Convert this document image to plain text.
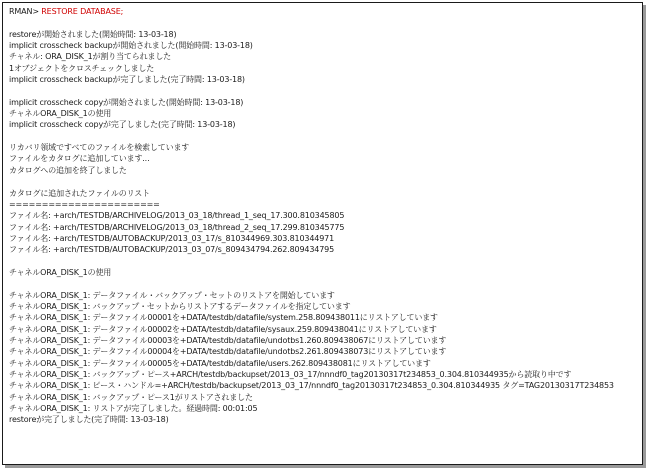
RMAN> RESTORE DATABASE;
restoreが開始されました(開始時間: 13-03-18)
implicit crosscheck backupが開始されました(開始時間: 13-03-18)
チャネル: ORA_DISK_1が割り当てられました
1オブジェクトをクロスチェックしました
implicit crosscheck backupが完了しました(完了時間: 13-03-18)
implicit crosscheck copyが開始されました(開始時間: 13-03-18)
チャネルORA_DISK_1の使用
implicit crosscheck copyが完了しました(完了時間: 13-03-18)
リカバリ領域ですべてのファイルを検索しています
ファイルをカタログに追加しています...
カタログへの追加を終了しました
カタログに追加されたファイルのリスト
=======================
ファイル名: +arch/TESTDB/ARCHIVELOG/2013_03_18/thread_1_seq_17.300.810345805
ファイル名: +arch/TESTDB/ARCHIVELOG/2013_03_18/thread_2_seq_17.299.810345775
ファイル名: +arch/TESTDB/AUTOBACKUP/2013_03_17/s_810344969.303.810344971
ファイル名: +arch/TESTDB/AUTOBACKUP/2013_03_07/s_809434794.262.809434795
チャネルORA_DISK_1の使用
チャネルORA_DISK_1: データファイル・バックアップ・セットのリストアを開始しています
チャネルORA_DISK_1: バックアップ・セットからリストアするデータファイルを指定しています
チャネルORA_DISK_1: データファイル00001を+DATA/testdb/datafile/system.258.809438011にリストアしています
チャネルORA_DISK_1: データファイル00002を+DATA/testdb/datafile/sysaux.259.809438041にリストアしています
チャネルORA_DISK_1: データファイル00003を+DATA/testdb/datafile/undotbs1.260.809438067にリストアしています
チャネルORA_DISK_1: データファイル00004を+DATA/testdb/datafile/undotbs2.261.809438073にリストアしています
チャネルORA_DISK_1: データファイル00005を+DATA/testdb/datafile/users.262.809438081にリストアしています
チャネルORA_DISK_1: バックアップ・ピース+ARCH/testdb/backupset/2013_03_17/nnndf0_tag20130317t234853_0.304.810344935から読取り中です
チャネルORA_DISK_1: ピース・ハンドル=+ARCH/testdb/backupset/2013_03_17/nnndf0_tag20130317t234853_0.304.810344935 タグ=TAG20130317T234853
チャネルORA_DISK_1: バックアップ・ピース1がリストアされました
チャネルORA_DISK_1: リストアが完了しました。経過時間: 00:01:05
restoreが完了しました(完了時間: 13-03-18)
